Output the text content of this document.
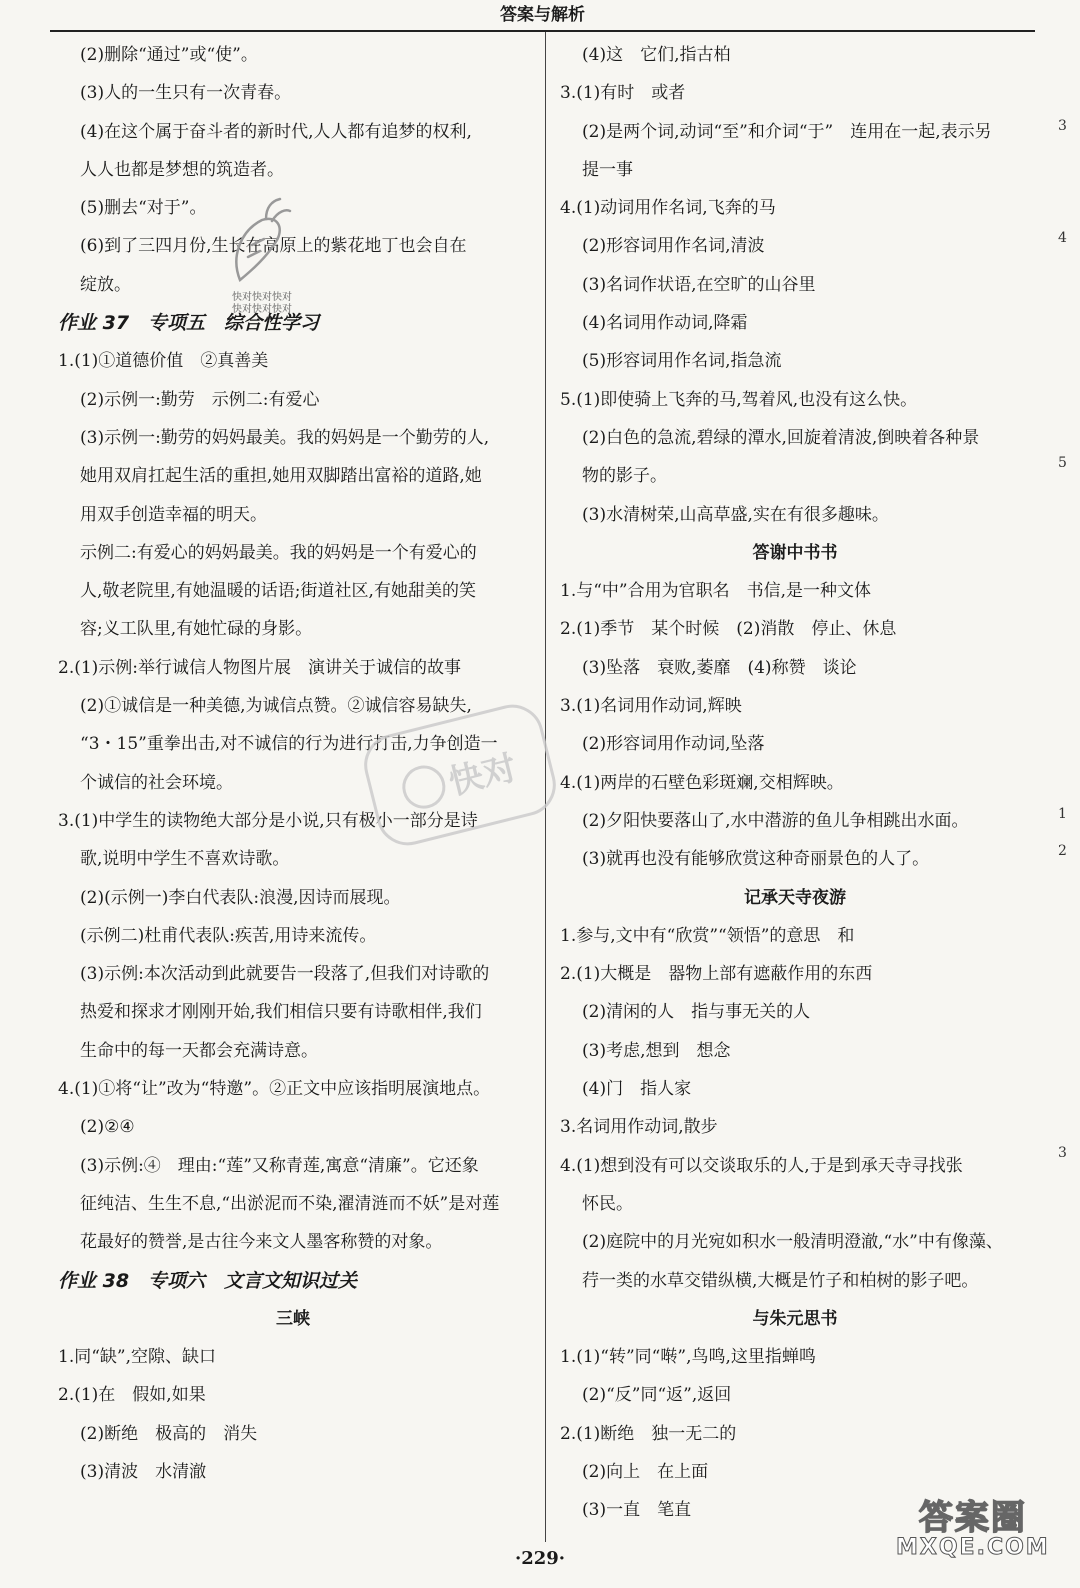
答案与解析
(2)删除“通过”或“使”。
(3)人的一生只有一次青春。
(4)在这个属于奋斗者的新时代,人人都有追梦的权利,
人人也都是梦想的筑造者。
(5)删去“对于”。
(6)到了三四月份,生长在高原上的紫花地丁也会自在
绽放。
作业 37　专项五　综合性学习
1.(1)①道德价值　②真善美
(2)示例一:勤劳　示例二:有爱心
(3)示例一:勤劳的妈妈最美。我的妈妈是一个勤劳的人,
她用双肩扛起生活的重担,她用双脚踏出富裕的道路,她
用双手创造幸福的明天。
示例二:有爱心的妈妈最美。我的妈妈是一个有爱心的
人,敬老院里,有她温暖的话语;街道社区,有她甜美的笑
容;义工队里,有她忙碌的身影。
2.(1)示例:举行诚信人物图片展　演讲关于诚信的故事
(2)①诚信是一种美德,为诚信点赞。②诚信容易缺失,
“3・15”重拳出击,对不诚信的行为进行打击,力争创造一
个诚信的社会环境。
3.(1)中学生的读物绝大部分是小说,只有极小一部分是诗
歌,说明中学生不喜欢诗歌。
(2)(示例一)李白代表队:浪漫,因诗而展现。
(示例二)杜甫代表队:疾苦,用诗来流传。
(3)示例:本次活动到此就要告一段落了,但我们对诗歌的
热爱和探求才刚刚开始,我们相信只要有诗歌相伴,我们
生命中的每一天都会充满诗意。
4.(1)①将“让”改为“特邀”。②正文中应该指明展演地点。
(2)②④
(3)示例:④　理由:“莲”又称青莲,寓意“清廉”。它还象
征纯洁、生生不息,“出淤泥而不染,濯清涟而不妖”是对莲
花最好的赞誉,是古往今来文人墨客称赞的对象。
作业 38　专项六　文言文知识过关
三峡
1.同“缺”,空隙、缺口
2.(1)在　假如,如果
(2)断绝　极高的　消失
(3)清波　水清澈
(4)这　它们,指古柏
3.(1)有时　或者
(2)是两个词,动词“至”和介词“于”　连用在一起,表示另
提一事
4.(1)动词用作名词,飞奔的马
(2)形容词用作名词,清波
(3)名词作状语,在空旷的山谷里
(4)名词用作动词,降霜
(5)形容词用作名词,指急流
5.(1)即使骑上飞奔的马,驾着风,也没有这么快。
(2)白色的急流,碧绿的潭水,回旋着清波,倒映着各种景
物的影子。
(3)水清树荣,山高草盛,实在有很多趣味。
答谢中书书
1.与“中”合用为官职名　书信,是一种文体
2.(1)季节　某个时候　(2)消散　停止、休息
(3)坠落　衰败,萎靡　(4)称赞　谈论
3.(1)名词用作动词,辉映
(2)形容词用作动词,坠落
4.(1)两岸的石壁色彩斑斓,交相辉映。
(2)夕阳快要落山了,水中潜游的鱼儿争相跳出水面。
(3)就再也没有能够欣赏这种奇丽景色的人了。
记承天寺夜游
1.参与,文中有“欣赏”“领悟”的意思　和
2.(1)大概是　器物上部有遮蔽作用的东西
(2)清闲的人　指与事无关的人
(3)考虑,想到　想念
(4)门　指人家
3.名词用作动词,散步
4.(1)想到没有可以交谈取乐的人,于是到承天寺寻找张
怀民。
(2)庭院中的月光宛如积水一般清明澄澈,“水”中有像藻、
荇一类的水草交错纵横,大概是竹子和柏树的影子吧。
与朱元思书
1.(1)“转”同“啭”,鸟鸣,这里指蝉鸣
(2)“反”同“返”,返回
2.(1)断绝　独一无二的
(2)向上　在上面
(3)一直　笔直
快对快对快对
快对快对快对
快对
3
4
5
1
2
3
·229·
答案圈
MXQE.COM
